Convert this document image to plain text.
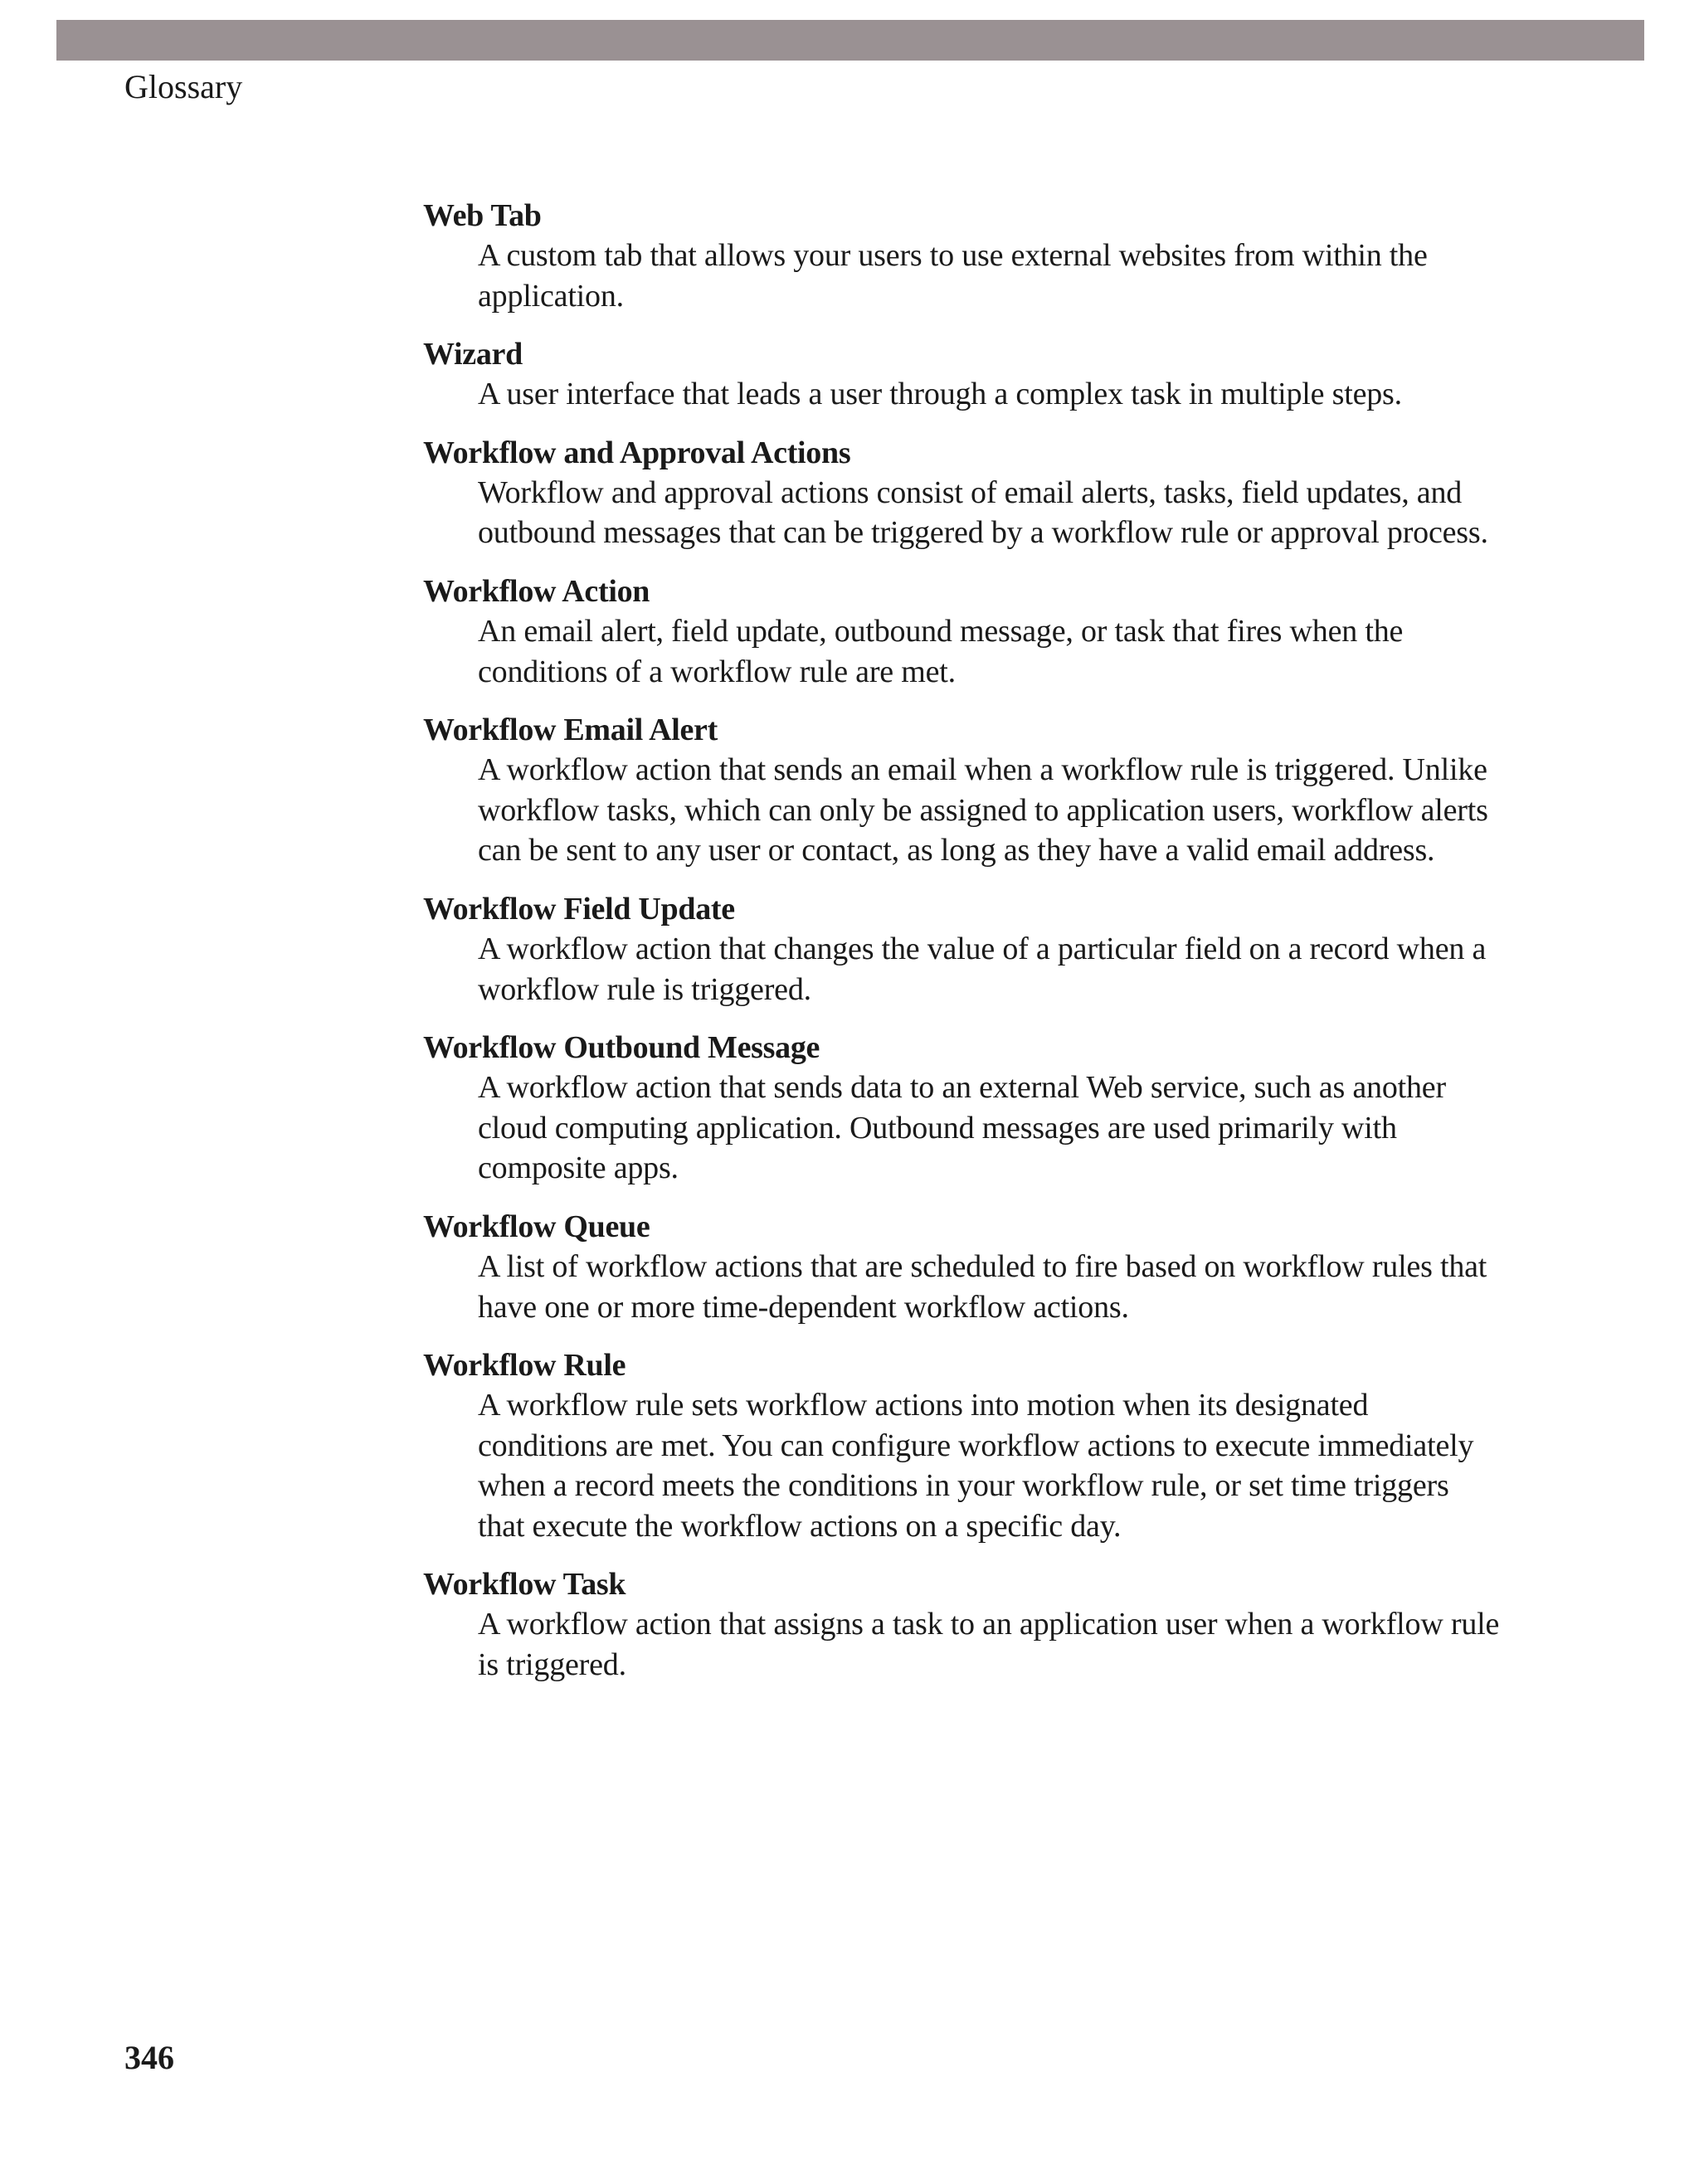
Glossary
Web Tab
A custom tab that allows your users to use external websites from within the application.
Wizard
A user interface that leads a user through a complex task in multiple steps.
Workflow and Approval Actions
Workflow and approval actions consist of email alerts, tasks, field updates, and outbound messages that can be triggered by a workflow rule or approval process.
Workflow Action
An email alert, field update, outbound message, or task that fires when the conditions of a workflow rule are met.
Workflow Email Alert
A workflow action that sends an email when a workflow rule is triggered. Unlike workflow tasks, which can only be assigned to application users, workflow alerts can be sent to any user or contact, as long as they have a valid email address.
Workflow Field Update
A workflow action that changes the value of a particular field on a record when a workflow rule is triggered.
Workflow Outbound Message
A workflow action that sends data to an external Web service, such as another cloud computing application. Outbound messages are used primarily with composite apps.
Workflow Queue
A list of workflow actions that are scheduled to fire based on workflow rules that have one or more time-dependent workflow actions.
Workflow Rule
A workflow rule sets workflow actions into motion when its designated conditions are met. You can configure workflow actions to execute immediately when a record meets the conditions in your workflow rule, or set time triggers that execute the workflow actions on a specific day.
Workflow Task
A workflow action that assigns a task to an application user when a workflow rule is triggered.
346
